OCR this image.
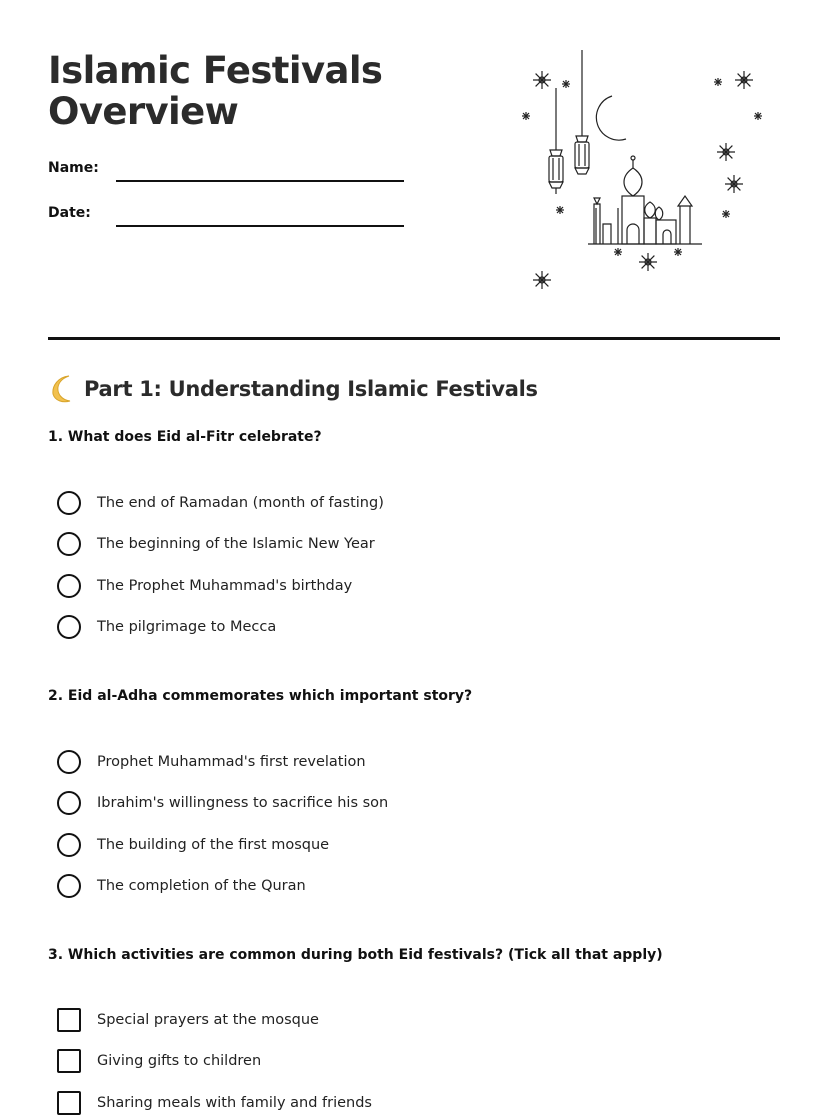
Islamic Festivals
Overview
Name:
Date:
Part 1: Understanding Islamic Festivals

1. What does Eid al-Fitr celebrate?

The end of Ramadan (month of fasting)
The beginning of the Islamic New Year
The Prophet Muhammad's birthday
The pilgrimage to Mecca

2. Eid al-Adha commemorates which important story?

Prophet Muhammad's first revelation
Ibrahim's willingness to sacrifice his son
The building of the first mosque
The completion of the Quran

3. Which activities are common during both Eid festivals? (Tick all that apply)

Special prayers at the mosque
Giving gifts to children
Sharing meals with family and friends
